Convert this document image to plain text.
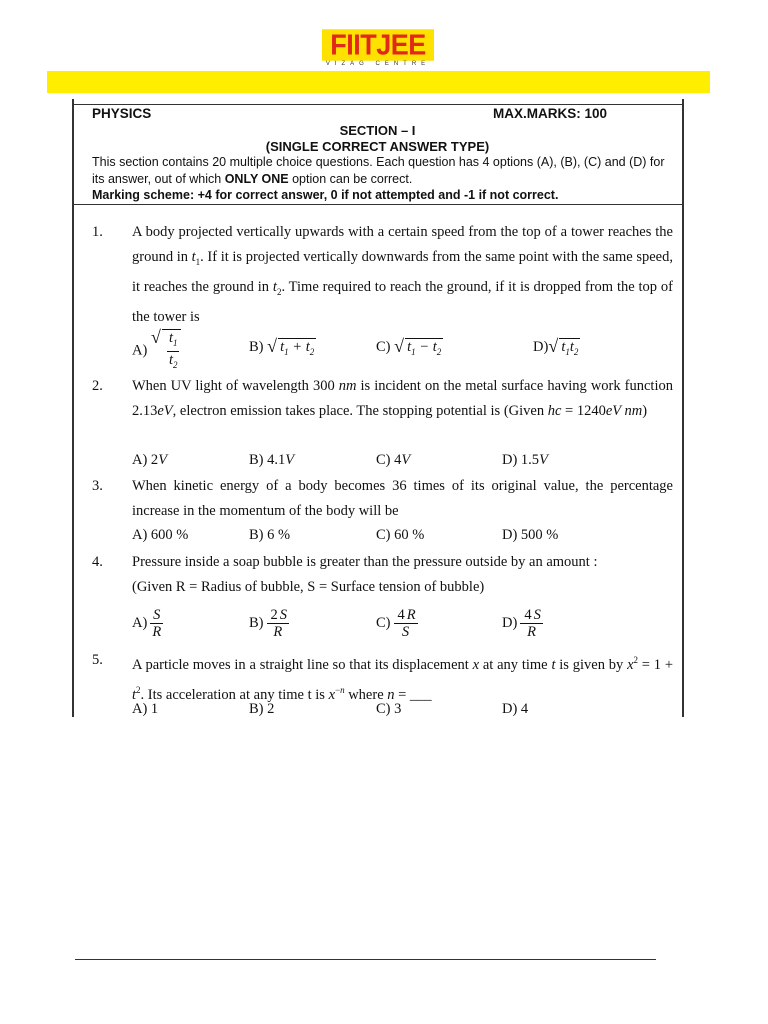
FIITJEE
VIZAG CENTRE
PHYSICS	MAX.MARKS: 100
SECTION – I
(SINGLE CORRECT ANSWER TYPE)
This section contains 20 multiple choice questions. Each question has 4 options (A), (B), (C) and (D) for its answer, out of which ONLY ONE option can be correct.
Marking scheme: +4 for correct answer, 0 if not attempted and -1 if not correct.
1. A body projected vertically upwards with a certain speed from the top of a tower reaches the ground in $t_1$. If it is projected vertically downwards from the same point with the same speed, it reaches the ground in $t_2$. Time required to reach the ground, if it is dropped from the top of the tower is
A) √ $\frac{t_1}{t_2}$	B) √ $t_1 + t_2$	C) √ $t_1 - t_2$	D) √ $t_1t_2$
2. When UV light of wavelength 300 nm is incident on the metal surface having work function 2.13eV, electron emission takes place. The stopping potential is (Given hc = 1240eV nm)
A) 2V	B) 4.1V	C) 4V	D) 1.5V
3. When kinetic energy of a body becomes 36 times of its original value, the percentage increase in the momentum of the body will be
A) 600 %	B) 6 %	C) 60 %	D) 500 %
4. Pressure inside a soap bubble is greater than the pressure outside by an amount :
(Given R = Radius of bubble, S = Surface tension of bubble)
$A) \frac{S}{R}$	$B) \frac{2 S}{R}$	$C) \frac{4 R}{S}$	$D) \frac{4 S}{R}$
5. A particle moves in a straight line so that its displacement x at any time t is given by $x^2 = 1 + t^2$. Its acceleration at any time t is $x^{-n}$ where n = ___
A) 1	B) 2	C) 3	D) 4
